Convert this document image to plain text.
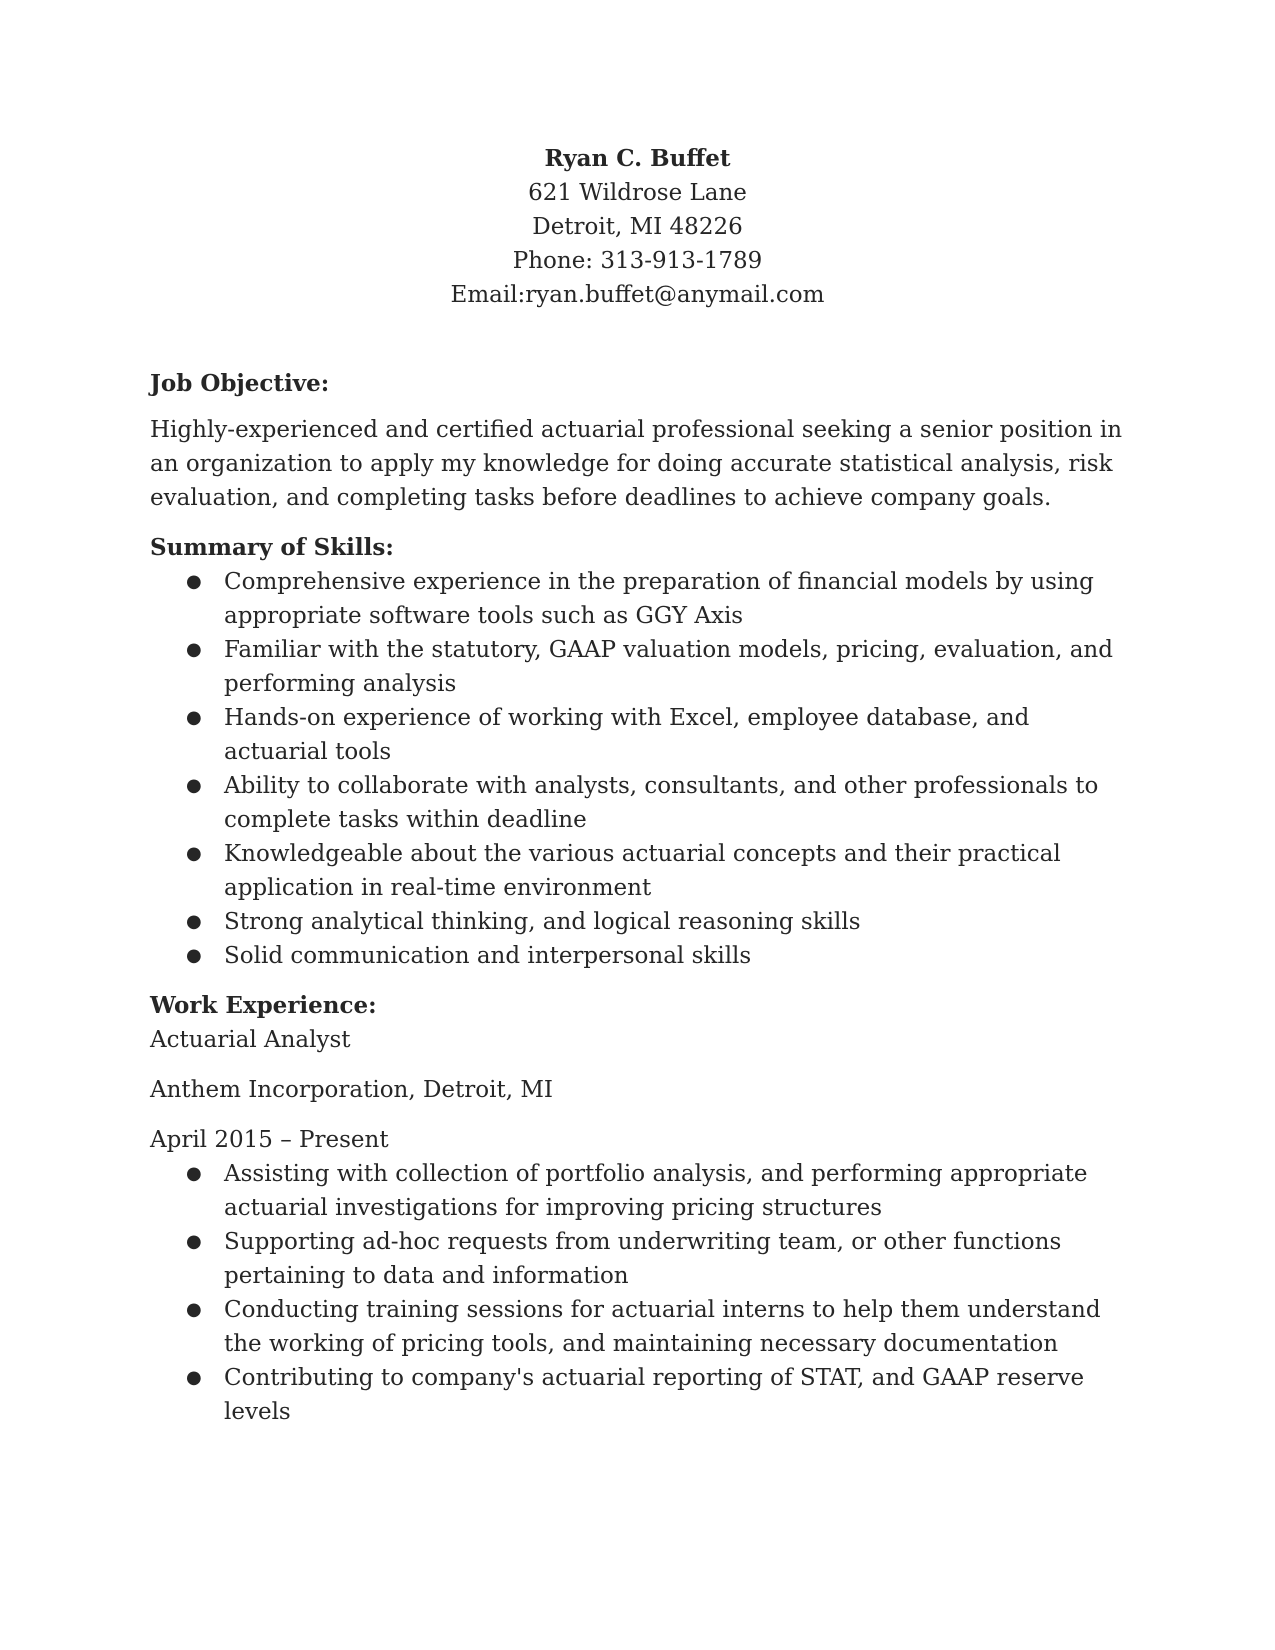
Ryan C. Buffet
621 Wildrose Lane
Detroit, MI 48226
Phone: 313-913-1789
Email:ryan.buffet@anymail.com
Job Objective:

Highly-experienced and certified actuarial professional seeking a senior position in an organization to apply my knowledge for doing accurate statistical analysis, risk evaluation, and completing tasks before deadlines to achieve company goals.

Summary of Skills:
● Comprehensive experience in the preparation of financial models by using appropriate software tools such as GGY Axis
● Familiar with the statutory, GAAP valuation models, pricing, evaluation, and performing analysis
● Hands-on experience of working with Excel, employee database, and actuarial tools
● Ability to collaborate with analysts, consultants, and other professionals to complete tasks within deadline
● Knowledgeable about the various actuarial concepts and their practical application in real-time environment
● Strong analytical thinking, and logical reasoning skills
● Solid communication and interpersonal skills
Work Experience:
Actuarial Analyst
Anthem Incorporation, Detroit, MI
April 2015 – Present
● Assisting with collection of portfolio analysis, and performing appropriate actuarial investigations for improving pricing structures
● Supporting ad-hoc requests from underwriting team, or other functions pertaining to data and information
● Conducting training sessions for actuarial interns to help them understand the working of pricing tools, and maintaining necessary documentation
● Contributing to company's actuarial reporting of STAT, and GAAP reserve levels
